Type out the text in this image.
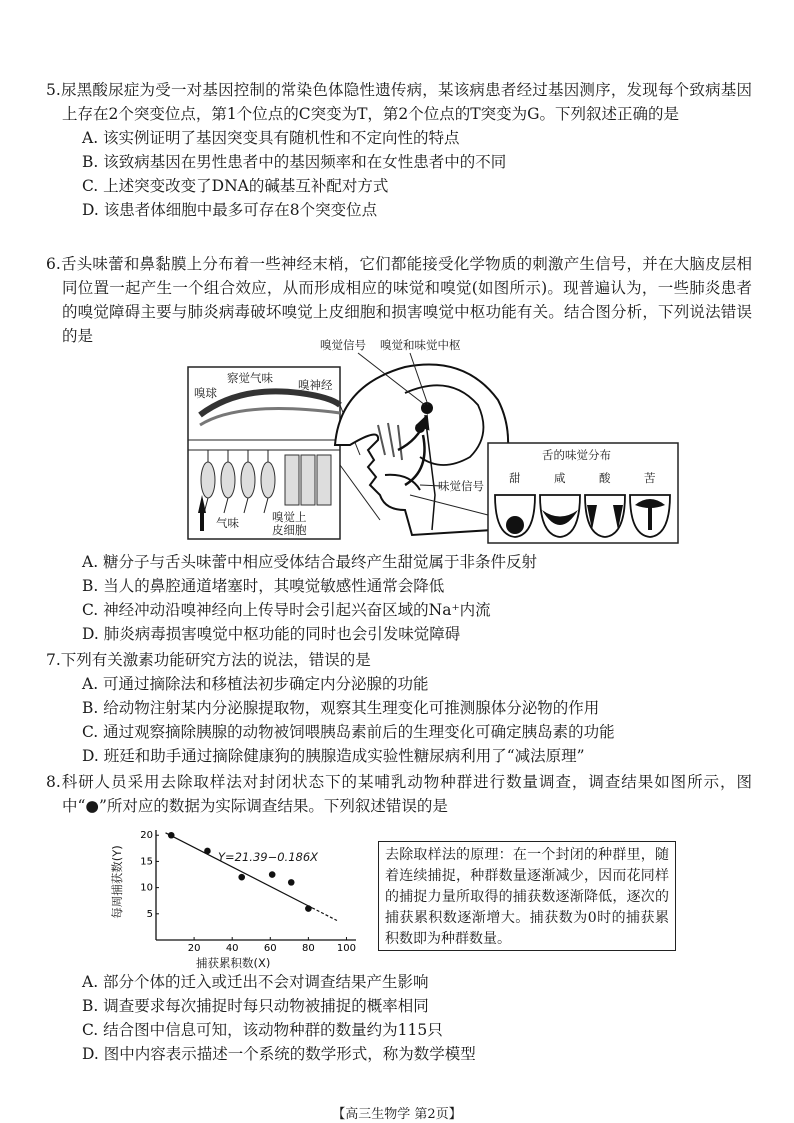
5.尿黑酸尿症为受一对基因控制的常染色体隐性遗传病，某该病患者经过基因测序，发现每个致病基因上存在2个突变位点，第1个位点的C突变为T，第2个位点的T突变为G。下列叙述正确的是

A. 该实例证明了基因突变具有随机性和不定向性的特点

B. 该致病基因在男性患者中的基因频率和在女性患者中的不同

C. 上述突变改变了DNA的碱基互补配对方式

D. 该患者体细胞中最多可存在8个突变位点

6.舌头味蕾和鼻黏膜上分布着一些神经末梢，它们都能接受化学物质的刺激产生信号，并在大脑皮层相同位置一起产生一个组合效应，从而形成相应的味觉和嗅觉(如图所示)。现普遍认为，一些肺炎患者的嗅觉障碍主要与肺炎病毒破坏嗅觉上皮细胞和损害嗅觉中枢功能有关。结合图分析，下列说法错误的是

察觉气味
嗅球
嗅神经
气味	嗅觉上皮细胞
嗅觉信号 嗅觉和味觉中枢
味觉信号
舌的味觉分布
甜	咸	酸	苦

A. 糖分子与舌头味蕾中相应受体结合最终产生甜觉属于非条件反射

B. 当人的鼻腔通道堵塞时，其嗅觉敏感性通常会降低

C. 神经冲动沿嗅神经向上传导时会引起兴奋区域的Na⁺内流

D. 肺炎病毒损害嗅觉中枢功能的同时也会引发味觉障碍

7.下列有关激素功能研究方法的说法，错误的是

A. 可通过摘除法和移植法初步确定内分泌腺的功能

B. 给动物注射某内分泌腺提取物，观察其生理变化可推测腺体分泌物的作用

C. 通过观察摘除胰腺的动物被饲喂胰岛素前后的生理变化可确定胰岛素的功能

D. 班廷和助手通过摘除健康狗的胰腺造成实验性糖尿病利用了“减法原理”

8.科研人员采用去除取样法对封闭状态下的某哺乳动物种群进行数量调查，调查结果如图所示，图中“●”所对应的数据为实际调查结果。下列叙述错误的是

20	40	60	80 100
5
10
15
20
Y=21.39−0.186X
捕获累积数(X)
每周捕获数(Y)	去除取样法的原理：在一个封闭的种群里，随着连续捕捉，种群数量逐渐减少，因而花同样的捕捉力量所取得的捕获数逐渐降低，逐次的捕获累积数逐渐增大。捕获数为0时的捕获累积数即为种群数量。

A. 部分个体的迁入或迁出不会对调查结果产生影响

B. 调查要求每次捕捉时每只动物被捕捉的概率相同

C. 结合图中信息可知，该动物种群的数量约为115只

D. 图中内容表示描述一个系统的数学形式，称为数学模型

【高三生物学 第2页】
